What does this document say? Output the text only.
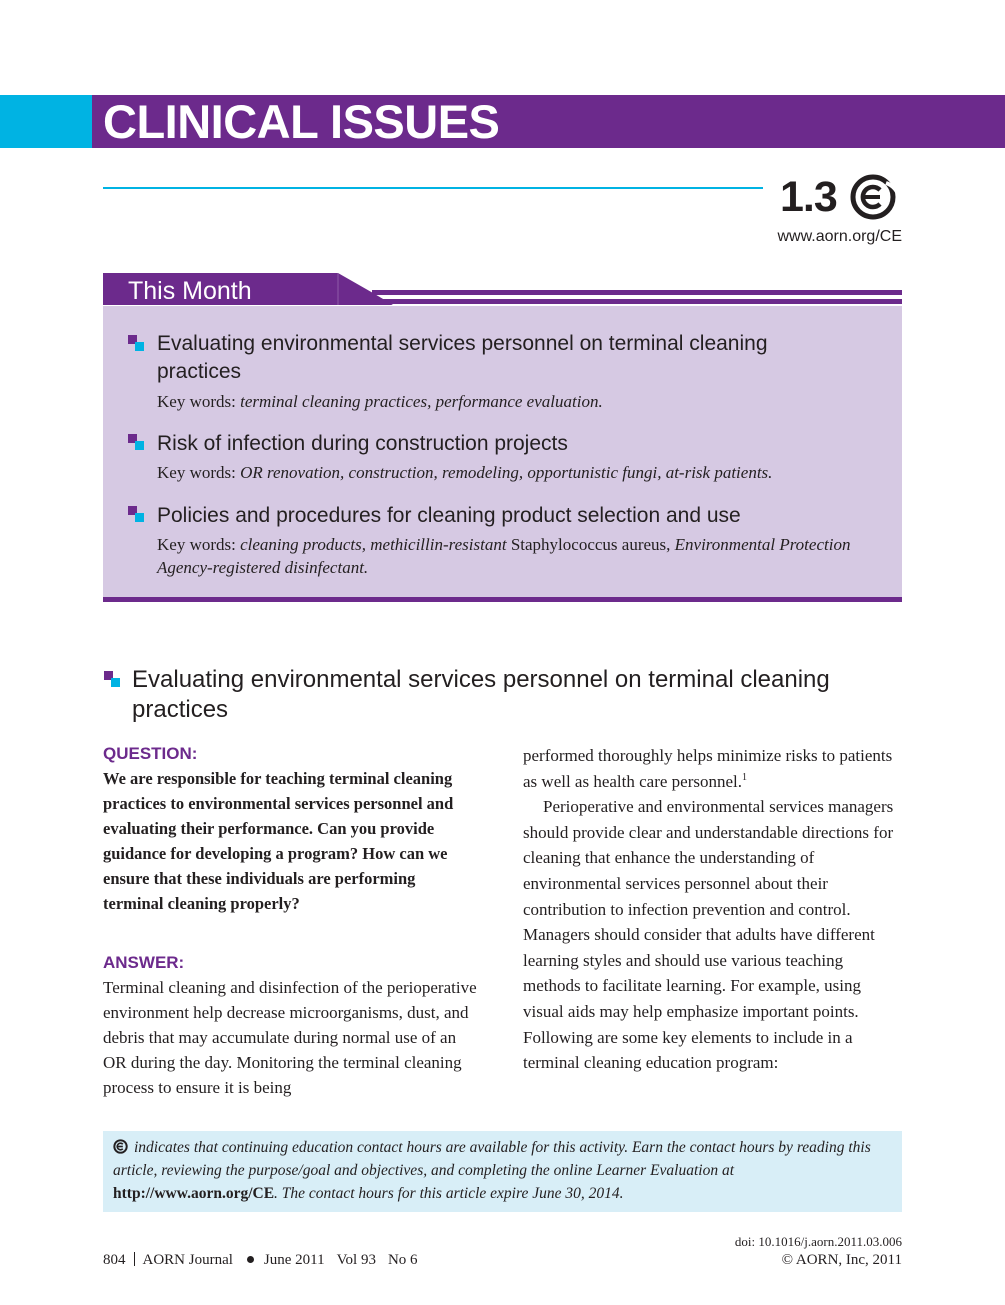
CLINICAL ISSUES
1.3
www.aorn.org/CE
This Month
Evaluating environmental services personnel on terminal cleaning practices
Key words: terminal cleaning practices, performance evaluation.
Risk of infection during construction projects
Key words: OR renovation, construction, remodeling, opportunistic fungi, at-risk patients.
Policies and procedures for cleaning product selection and use
Key words: cleaning products, methicillin-resistant Staphylococcus aureus, Environmental Protection Agency-registered disinfectant.
Evaluating environmental services personnel on terminal cleaning practices
QUESTION:
We are responsible for teaching terminal cleaning practices to environmental services personnel and evaluating their performance. Can you provide guidance for developing a program? How can we ensure that these individuals are performing terminal cleaning properly?
ANSWER:
Terminal cleaning and disinfection of the perioperative environment help decrease microorganisms, dust, and debris that may accumulate during normal use of an OR during the day. Monitoring the terminal cleaning process to ensure it is being

performed thoroughly helps minimize risks to patients as well as health care personnel.$^1$

Perioperative and environmental services managers should provide clear and understandable directions for cleaning that enhance the understanding of environmental services personnel about their contribution to infection prevention and control. Managers should consider that adults have different learning styles and should use various teaching methods to facilitate learning. For example, using visual aids may help emphasize important points. Following are some key elements to include in a terminal cleaning education program:

indicates that continuing education contact hours are available for this activity. Earn the contact hours by reading this article, reviewing the purpose/goal and objectives, and completing the online Learner Evaluation at http://www.aorn.org/CE. The contact hours for this article expire June 30, 2014.
doi: 10.1016/j.aorn.2011.03.006
© AORN, Inc, 2011
804 AORN Journal June 2011 Vol 93 No 6
